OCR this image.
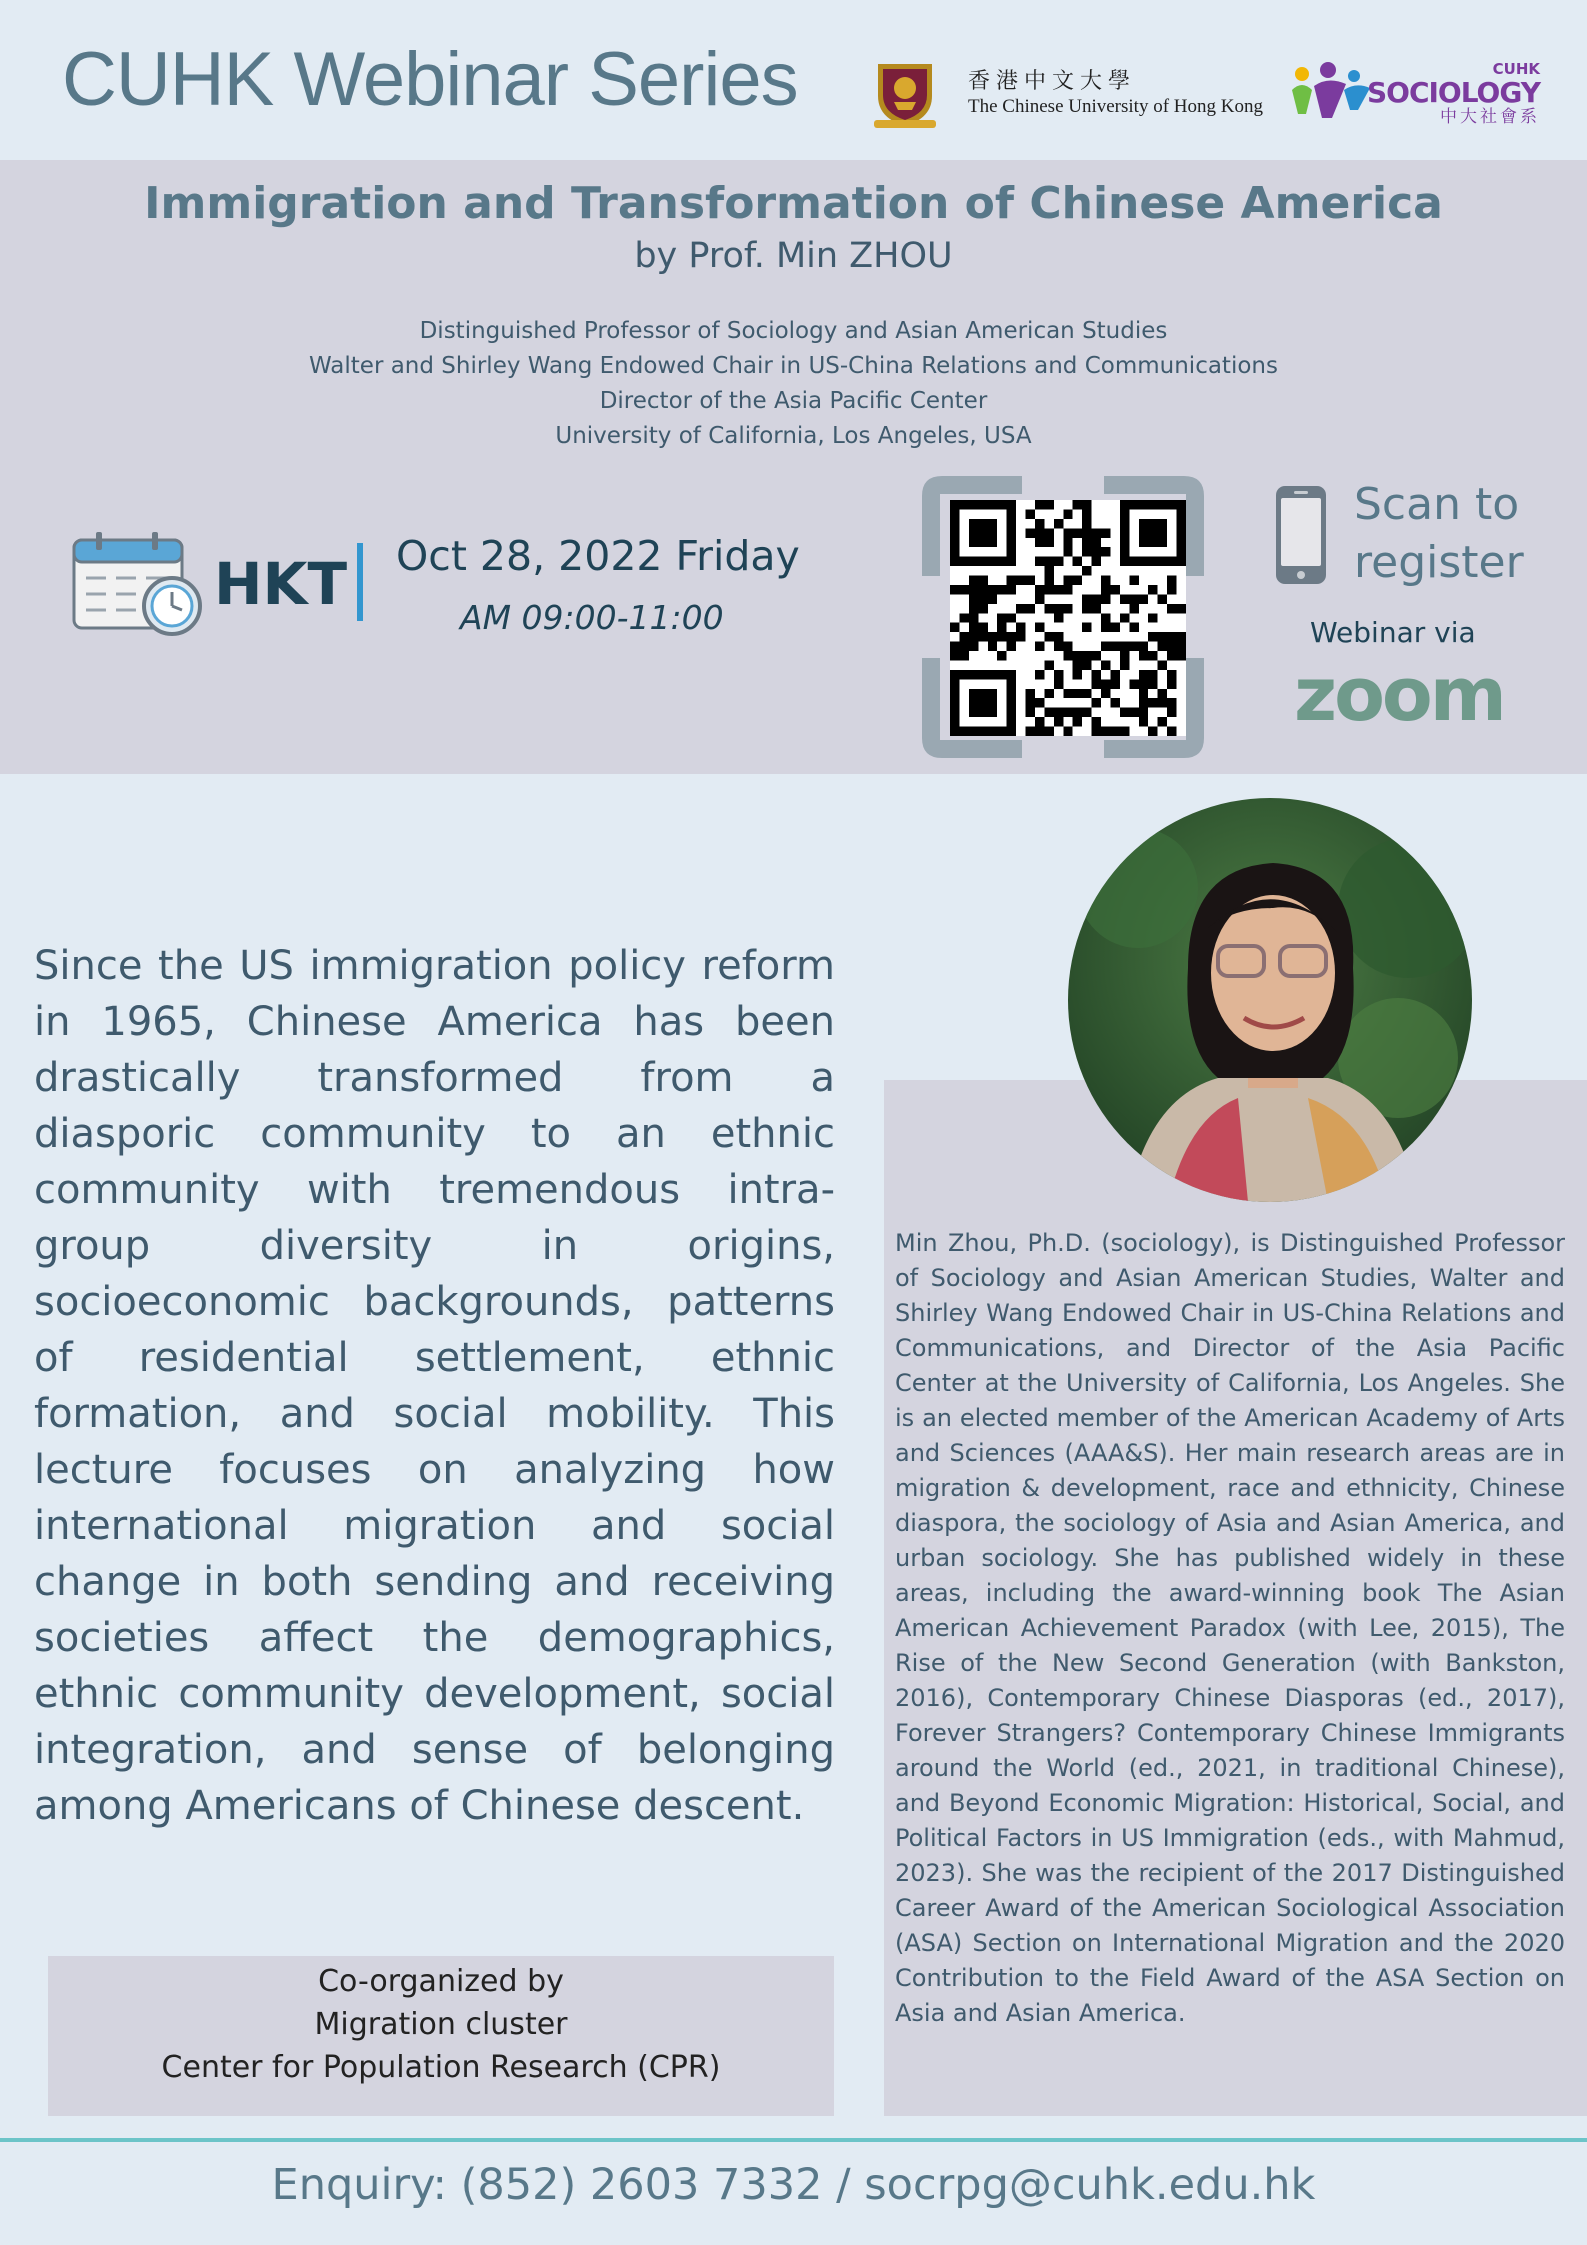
CUHK Webinar Series	香港中文大學
The Chinese University of Hong Kong
CUHK
SOCIOLOGY
中大社會系
Immigration and Transformation of Chinese America
by Prof. Min ZHOU
Distinguished Professor of Sociology and Asian American Studies
Walter and Shirley Wang Endowed Chair in US-China Relations and Communications
Director of the Asia Pacific Center
University of California, Los Angeles, USA
HKT Oct 28, 2022 Friday
AM 09:00-11:00
Scan to register
Webinar via
zoom
Since the US immigration policy reform in 1965, Chinese America has been drastically transformed from a diasporic community to an ethnic community with tremendous intra-group diversity in origins, socioeconomic backgrounds, patterns of residential settlement, ethnic formation, and social mobility. This lecture focuses on analyzing how international migration and social change in both sending and receiving societies affect the demographics, ethnic community development, social integration, and sense of belonging among Americans of Chinese descent.
Co-organized by
Migration cluster
Center for Population Research (CPR)
Min Zhou, Ph.D. (sociology), is Distinguished Professor of Sociology and Asian American Studies, Walter and Shirley Wang Endowed Chair in US-China Relations and Communications, and Director of the Asia Pacific Center at the University of California, Los Angeles. She is an elected member of the American Academy of Arts and Sciences (AAA&S). Her main research areas are in migration & development, race and ethnicity, Chinese diaspora, the sociology of Asia and Asian America, and urban sociology. She has published widely in these areas, including the award-winning book The Asian American Achievement Paradox (with Lee, 2015), The Rise of the New Second Generation (with Bankston, 2016), Contemporary Chinese Diasporas (ed., 2017), Forever Strangers? Contemporary Chinese Immigrants around the World (ed., 2021, in traditional Chinese), and Beyond Economic Migration: Historical, Social, and Political Factors in US Immigration (eds., with Mahmud, 2023). She was the recipient of the 2017 Distinguished Career Award of the American Sociological Association (ASA) Section on International Migration and the 2020 Contribution to the Field Award of the ASA Section on Asia and Asian America.
Enquiry: (852) 2603 7332 / socrpg@cuhk.edu.hk
